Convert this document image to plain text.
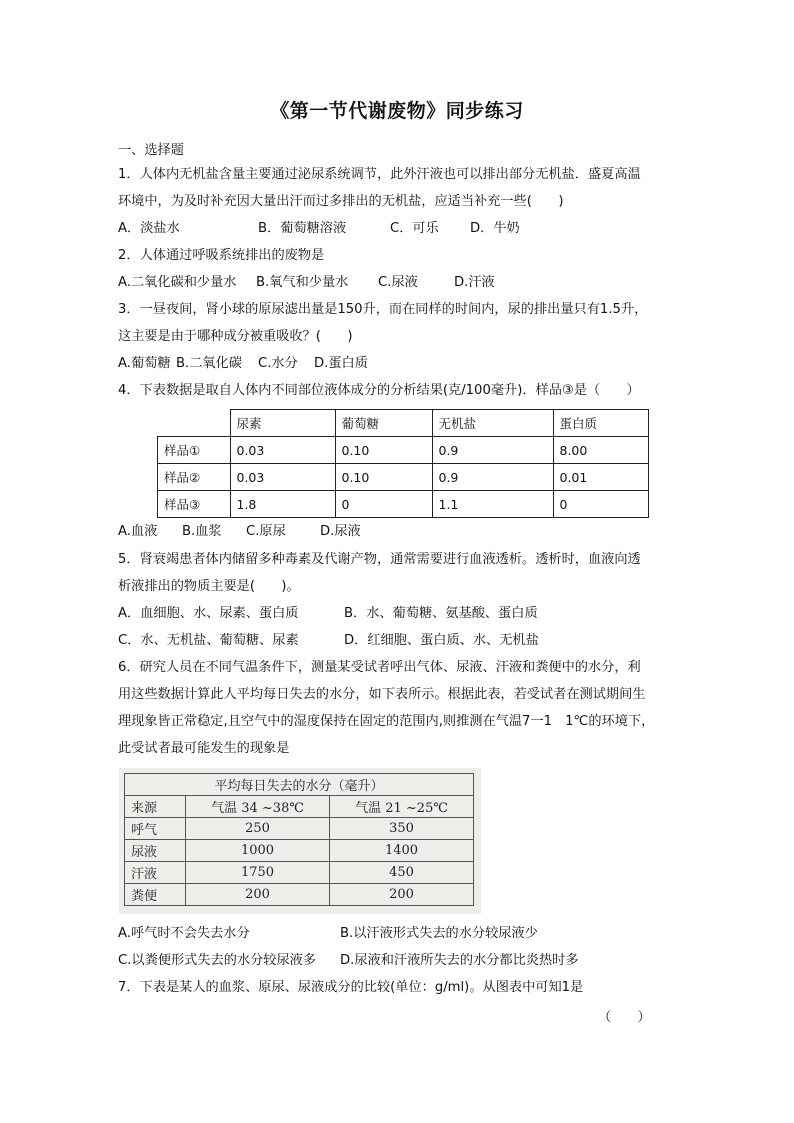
《第一节代谢废物》同步练习
一、选择题
1．人体内无机盐含量主要通过泌尿系统调节，此外汗液也可以排出部分无机盐．盛夏高温
环境中，为及时补充因大量出汗而过多排出的无机盐，应适当补充一些(　　)
A．淡盐水	B．葡萄糖溶液	C．可乐 D．牛奶
2．人体通过呼吸系统排出的废物是
A.二氧化碳和少量水 B.氧气和少量水 C.尿液	D.汗液
3．一昼夜间，肾小球的原尿滤出量是150升，而在同样的时间内，尿的排出量只有1.5升，
这主要是由于哪种成分被重吸收？(　　)
A.葡萄糖 B.二氧化碳 C.水分 D.蛋白质
4．下表数据是取自人体内不同部位液体成分的分析结果(克/100毫升)．样品③是（　　）
	尿素	葡萄糖	无机盐	蛋白质
样品①	0.03	0.10	0.9	8.00
样品②	0.03	0.10	0.9	0.01
样品③	1.8	0	1.1	0
A.血液 B.血浆 C.原尿	D.尿液
5．肾衰竭患者体内储留多种毒素及代谢产物，通常需要进行血液透析。透析时，血液向透
析液排出的物质主要是(　　)。
A．血细胞、水、尿素、蛋白质	B．水、葡萄糖、氨基酸、蛋白质
C．水、无机盐、葡萄糖、尿素	D．红细胞、蛋白质、水、无机盐
6．研究人员在不同气温条件下，测量某受试者呼出气体、尿液、汗液和粪便中的水分，利
用这些数据计算此人平均每日失去的水分，如下表所示。根据此表，若受试者在测试期间生
理现象皆正常稳定,且空气中的湿度保持在固定的范围内,则推测在气温7一1　1℃的环境下，
此受试者最可能发生的现象是
平均每日失去的水分（毫升）		
来源	气温 34 ~38℃	气温 21 ~25℃
呼气	250	350
尿液	1000	1400
汗液	1750	450
粪便	200	200
A.呼气时不会失去水分	B.以汗液形式失去的水分较尿液少
C.以粪便形式失去的水分较尿液多 D.尿液和汗液所失去的水分都比炎热时多
7．下表是某人的血浆、原尿、尿液成分的比较(单位：g/ml)。从图表中可知1是
（　　）
